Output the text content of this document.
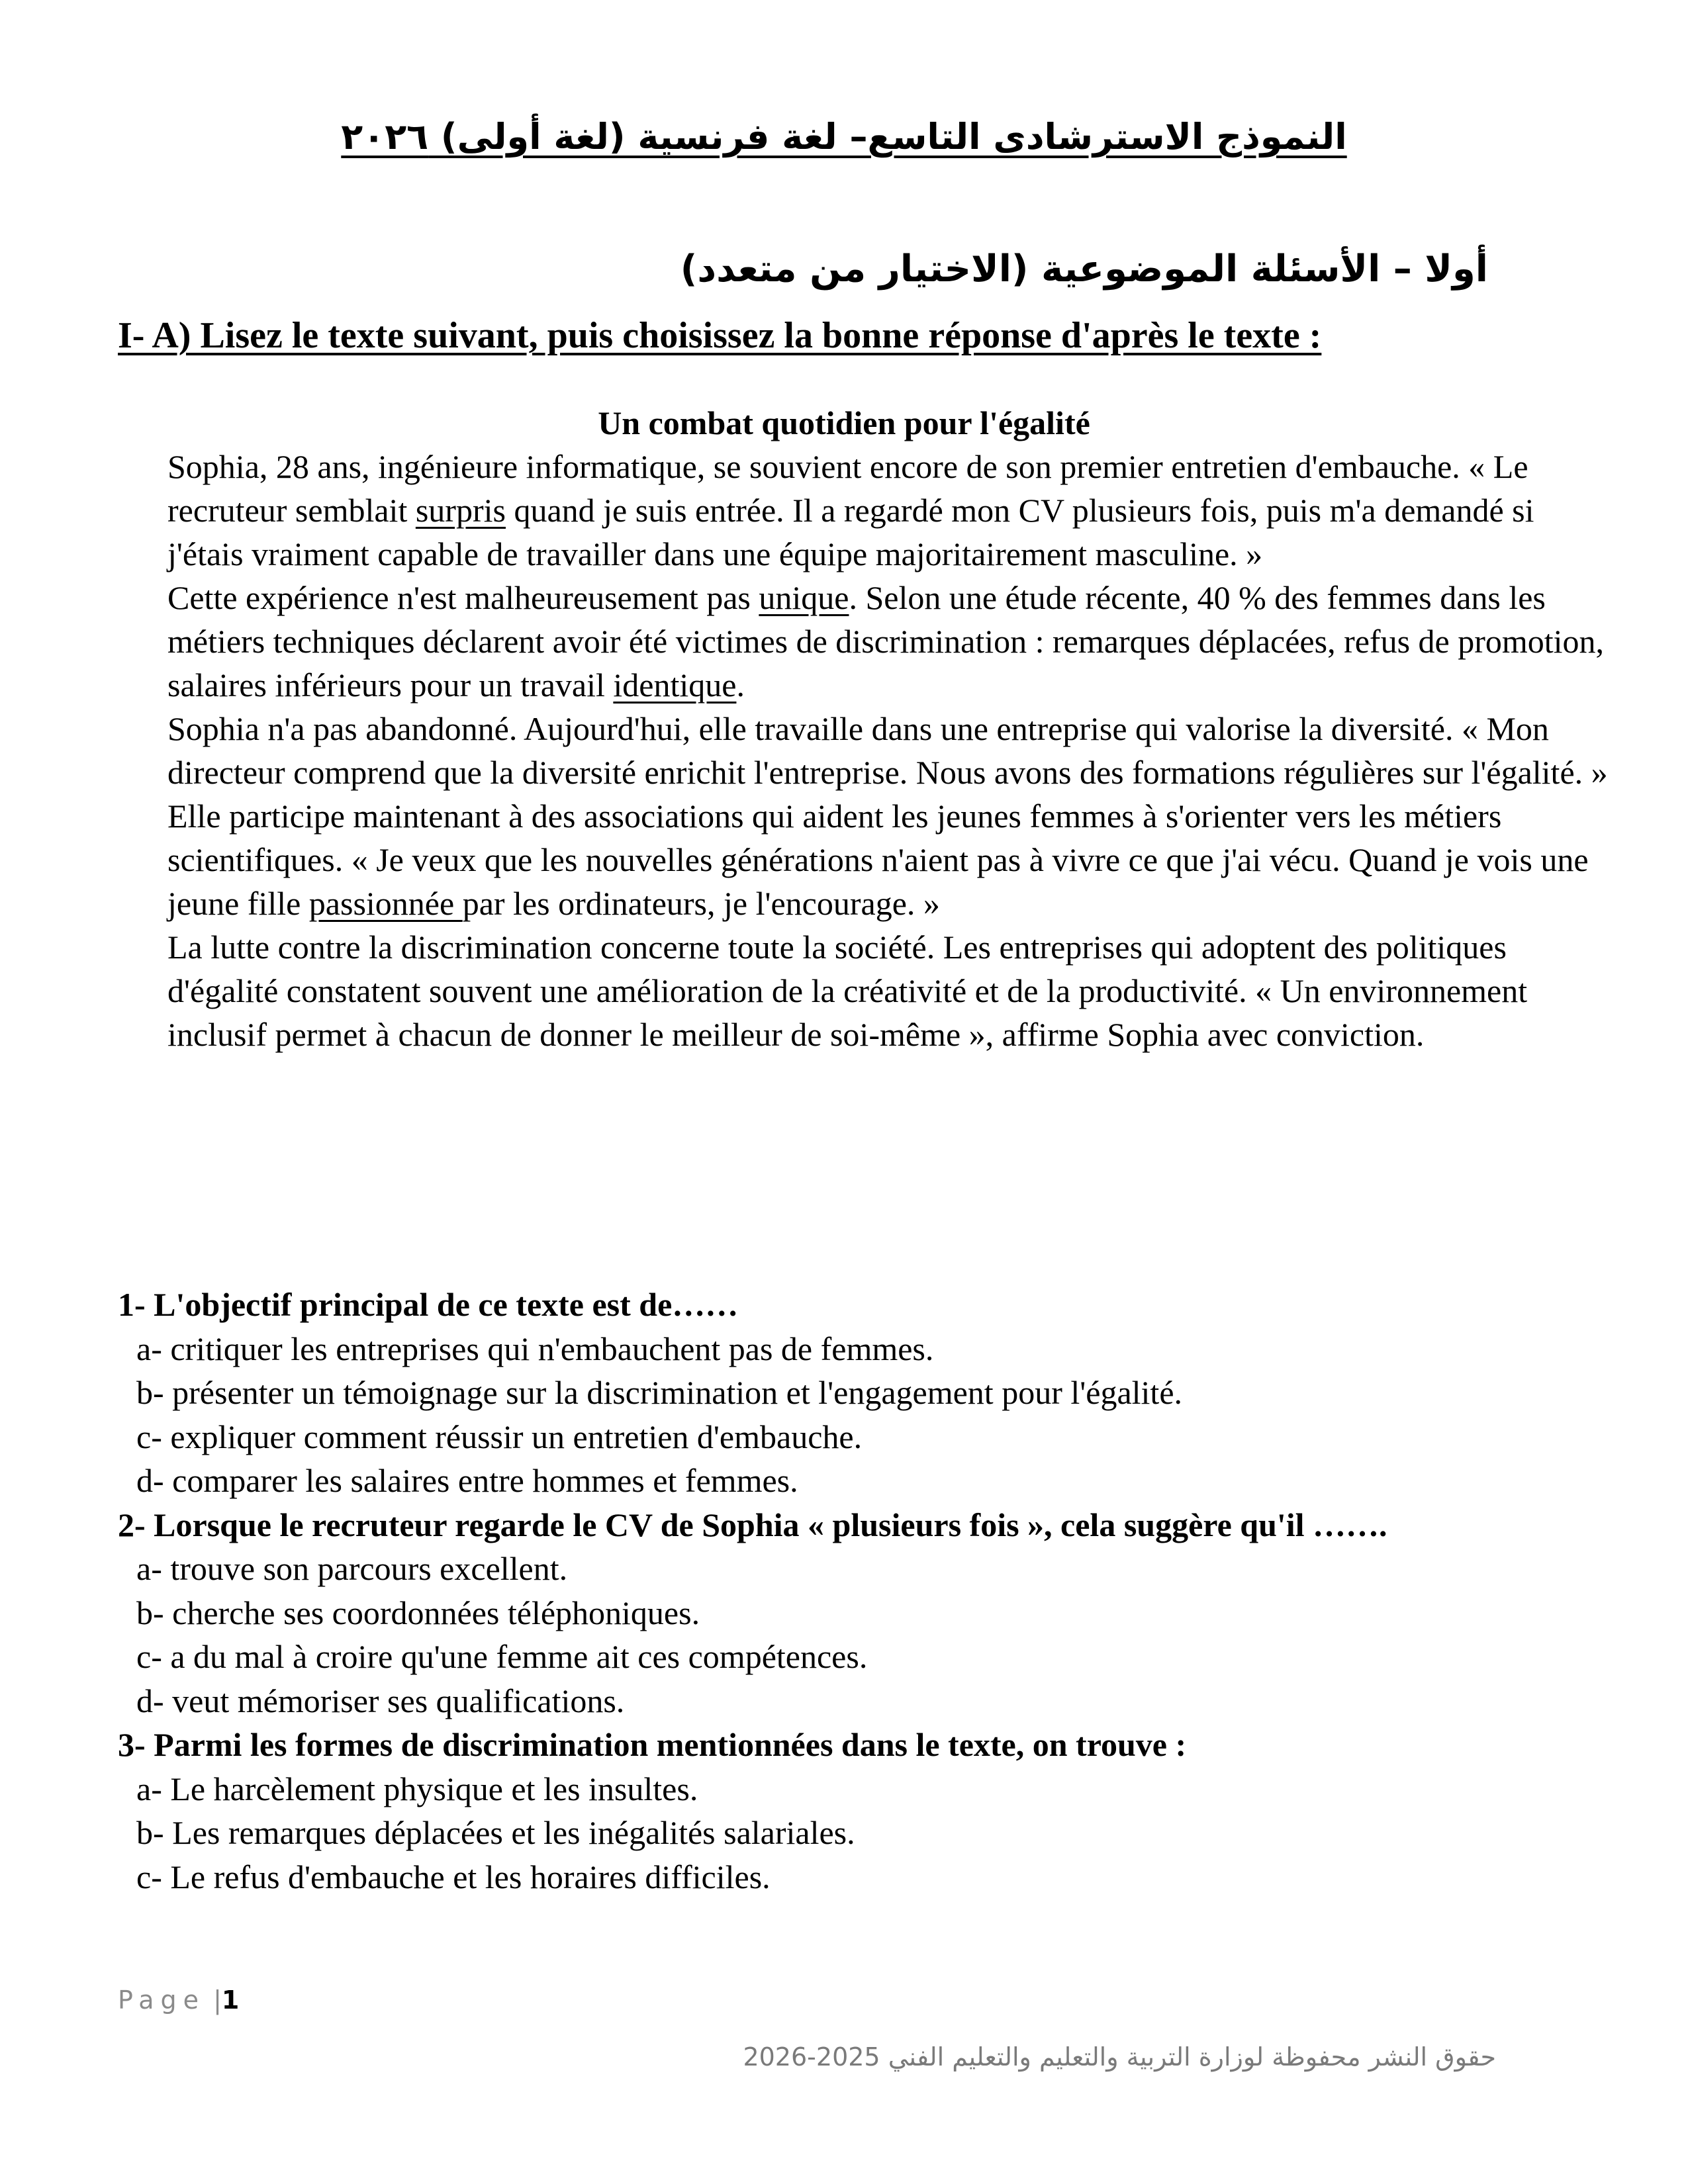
النموذج الاسترشادى التاسع– لغة فرنسية (لغة أولى) ٢٠٢٦
أولا – الأسئلة الموضوعية (الاختيار من متعدد)

I- A) Lisez le texte suivant, puis choisissez la bonne réponse d'après le texte :

Un combat quotidien pour l'égalité

Sophia, 28 ans, ingénieure informatique, se souvient encore de son premier entretien d'embauche. « Le recruteur semblait surpris quand je suis entrée. Il a regardé mon CV plusieurs fois, puis m'a demandé si j'étais vraiment capable de travailler dans une équipe majoritairement masculine. »

Cette expérience n'est malheureusement pas unique. Selon une étude récente, 40 % des femmes dans les métiers techniques déclarent avoir été victimes de discrimination : remarques déplacées, refus de promotion, salaires inférieurs pour un travail identique.

Sophia n'a pas abandonné. Aujourd'hui, elle travaille dans une entreprise qui valorise la diversité. « Mon directeur comprend que la diversité enrichit l'entreprise. Nous avons des formations régulières sur l'égalité. »

Elle participe maintenant à des associations qui aident les jeunes femmes à s'orienter vers les métiers scientifiques. « Je veux que les nouvelles générations n'aient pas à vivre ce que j'ai vécu. Quand je vois une jeune fille passionnée par les ordinateurs, je l'encourage. »

La lutte contre la discrimination concerne toute la société. Les entreprises qui adoptent des politiques d'égalité constatent souvent une amélioration de la créativité et de la productivité. « Un environnement inclusif permet à chacun de donner le meilleur de soi-même », affirme Sophia avec conviction.

1- L'objectif principal de ce texte est de……

a- critiquer les entreprises qui n'embauchent pas de femmes.

b- présenter un témoignage sur la discrimination et l'engagement pour l'égalité.

c- expliquer comment réussir un entretien d'embauche.

d- comparer les salaires entre hommes et femmes.

2- Lorsque le recruteur regarde le CV de Sophia « plusieurs fois », cela suggère qu'il …….

a- trouve son parcours excellent.

b- cherche ses coordonnées téléphoniques.

c- a du mal à croire qu'une femme ait ces compétences.

d- veut mémoriser ses qualifications.

3- Parmi les formes de discrimination mentionnées dans le texte, on trouve :

a- Le harcèlement physique et les insultes.

b- Les remarques déplacées et les inégalités salariales.

c- Le refus d'embauche et les horaires difficiles.

Page |1

حقوق النشر محفوظة لوزارة التربية والتعليم والتعليم الفني 2025-2026
